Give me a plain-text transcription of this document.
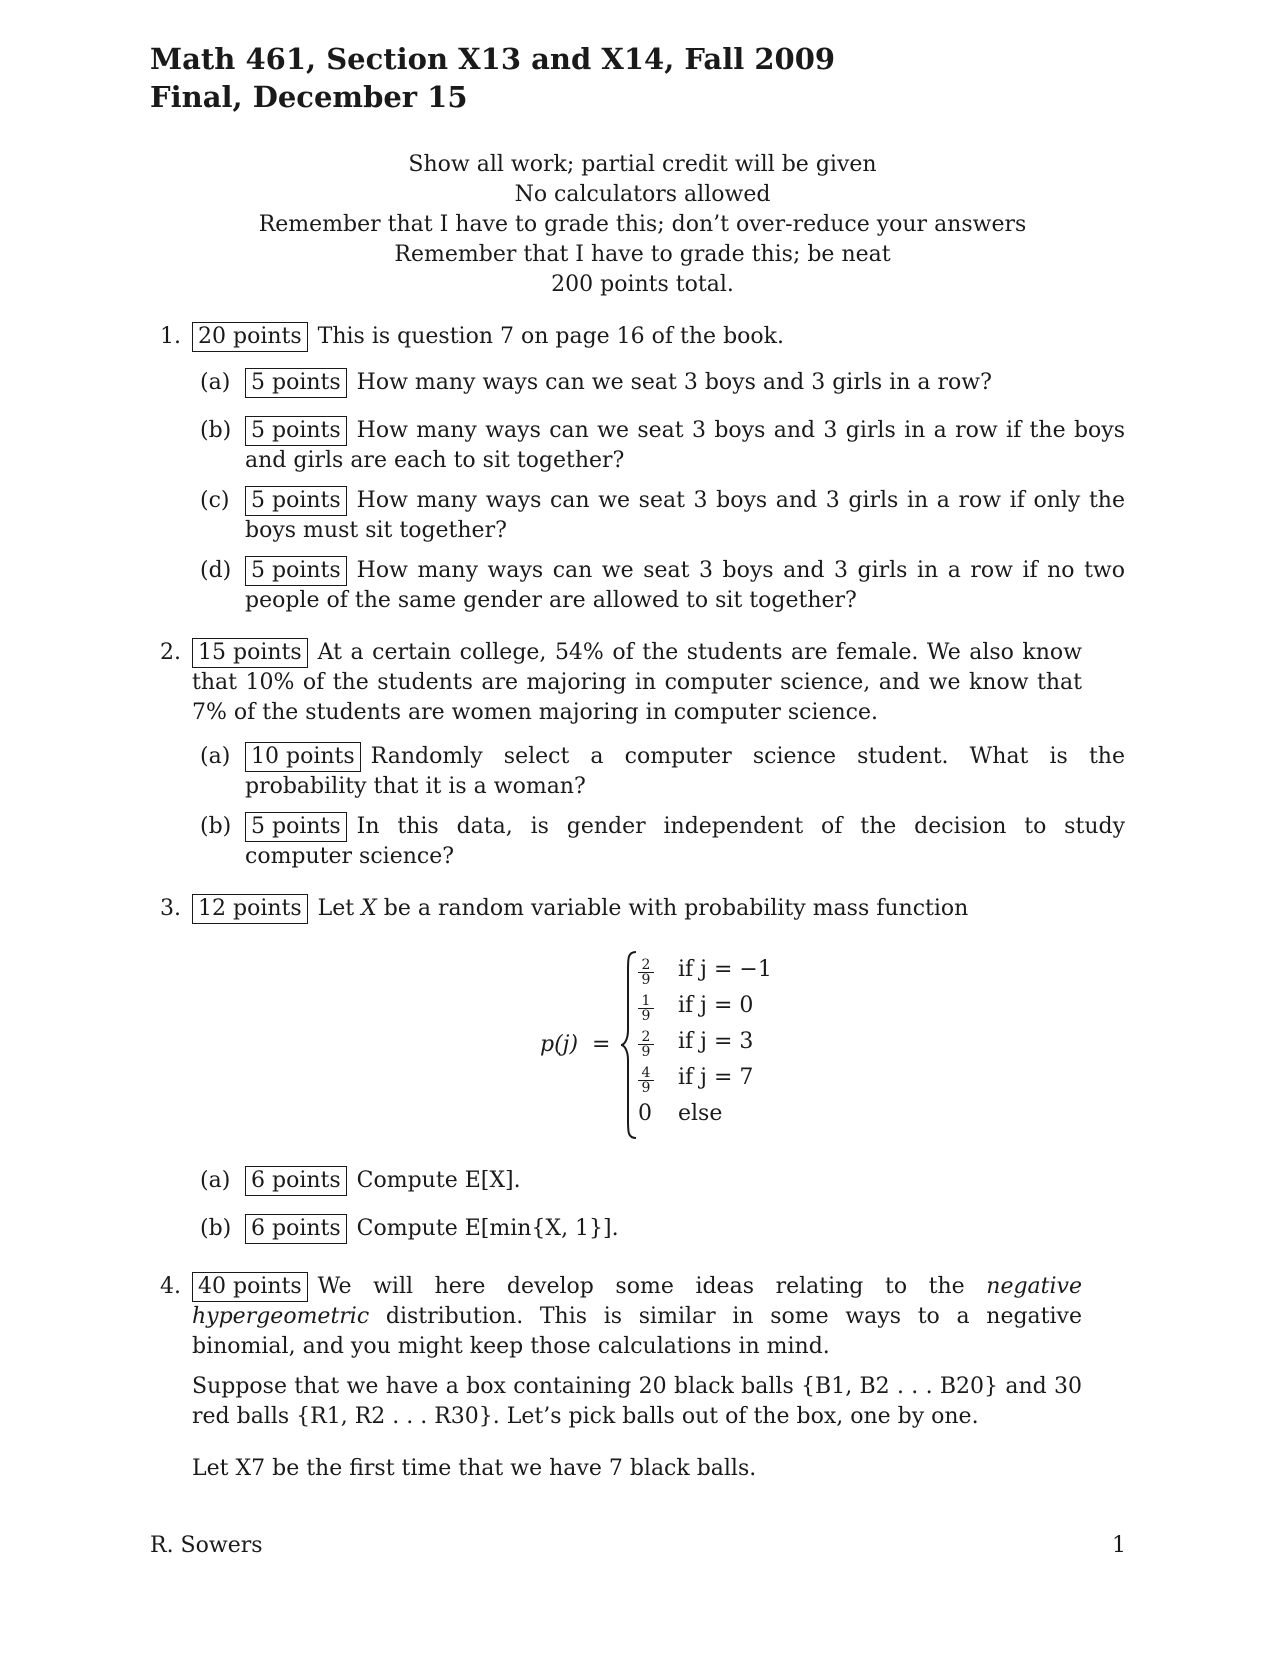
Math 461, Section X13 and X14, Fall 2009
Final, December 15
Show all work; partial credit will be given
No calculators allowed
Remember that I have to grade this; don’t over-reduce your answers
Remember that I have to grade this; be neat
200 points total.
1. 20 points This is question 7 on page 16 of the book.
(a) 5 points How many ways can we seat 3 boys and 3 girls in a row?
(b) 5 points How many ways can we seat 3 boys and 3 girls in a row if the boys and girls are each to sit together?
(c) 5 points How many ways can we seat 3 boys and 3 girls in a row if only the boys must sit together?
(d) 5 points How many ways can we seat 3 boys and 3 girls in a row if no two people of the same gender are allowed to sit together?
2. 15 points At a certain college, 54% of the students are female. We also know that 10% of the students are majoring in computer science, and we know that 7% of the students are women majoring in computer science.
(a) 10 points Randomly select a computer science student. What is the probability that it is a woman?
(b) 5 points In this data, is gender independent of the decision to study computer science?
3. 12 points Let X be a random variable with probability mass function
p(j) =
$\frac{2}{9}$ if j = −1
$\frac{1}{9}$ if j = 0
$\frac{2}{9}$ if j = 3
$\frac{4}{9}$ if j = 7
0 else
(a) 6 points Compute E[X].
(b) 6 points Compute E[min{X, 1}].
4. 40 points We will here develop some ideas relating to the negative hypergeometric distribution. This is similar in some ways to a negative binomial, and you might keep those calculations in mind.
Suppose that we have a box containing 20 black balls {B1, B2 . . . B20} and 30 red balls {R1, R2 . . . R30}. Let’s pick balls out of the box, one by one.
Let X7 be the first time that we have 7 black balls.
R. Sowers	1
